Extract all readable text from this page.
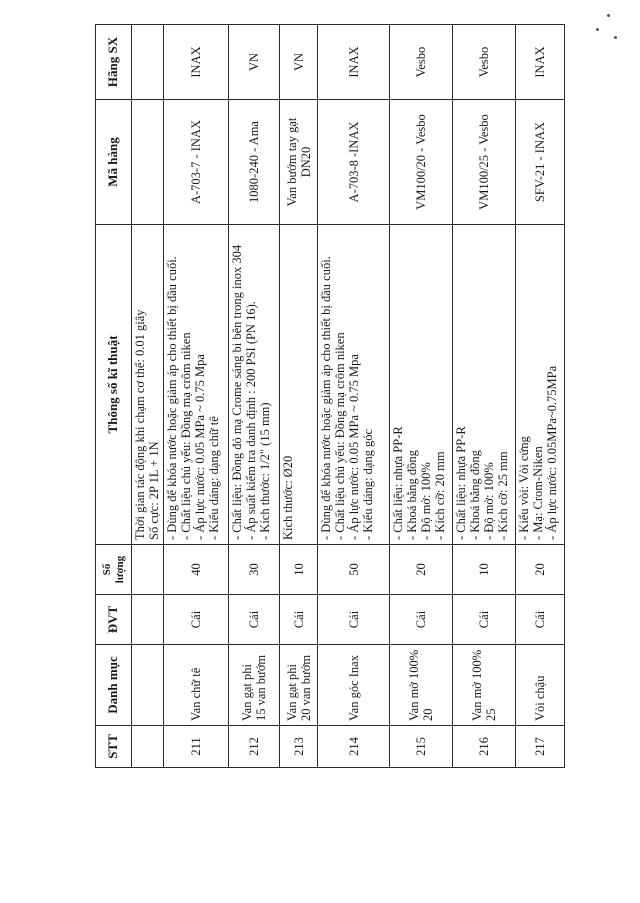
STT	Danh mục	ĐVT	Số lượng	Thông số kĩ thuật	Mã hàng	Hãng SX

				Thời gian tác động khi chạm cơ thể: 0.01 giây Số cực: 2P 1L + 1N		

211	Van chữ tê	Cái	40	- Dùng để khóa nước hoặc giảm áp cho thiết bị đầu cuối. - Chất liệu chủ yếu: Đồng mạ crôm niken - Áp lực nước: 0.05 MPa ~ 0.75 Mpa - Kiểu dáng: dạng chữ tê	A-703-7 - INAX	INAX
212	Van gạt phi 15 van bướm	Cái	30	- Chất liệu: Đồng đỏ mạ Crome sáng bi bên trong inox 304 - Áp suất kiểm tra danh định : 200 PSI (PN 16). - Kích thước: 1/2" (15 mm)	1080-240 - Ama	VN
213	Van gạt phi 20 van bướm	Cái	10	Kích thước: Ø20	Van bướm tay gạt DN20	VN
214	Van góc Inax	Cái	50	- Dùng để khóa nước hoặc giảm áp cho thiết bị đầu cuối. - Chất liệu chủ yếu: Đồng mạ crôm niken - Áp lực nước: 0.05 MPa ~ 0.75 Mpa - Kiểu dáng: dạng góc	A-703-8 -INAX	INAX
215	Van mở 100% 20	Cái	20	- Chất liệu: nhựa PP-R - Khoá bằng đồng - Độ mở: 100% - Kích cỡ: 20 mm	VM100/20 - Vesbo	Vesbo
216	Van mở 100% 25	Cái	10	- Chất liệu: nhựa PP-R - Khoá bằng đồng - Độ mở: 100% - Kích cỡ: 25 mm	VM100/25 - Vesbo	Vesbo
217	Vòi chậu	Cái	20	- Kiểu vòi: Vòi cứng - Mạ: Crom-Niken - Áp lực nước: 0.05MPa~0.75MPa	SFV-21 - INAX	INAX
